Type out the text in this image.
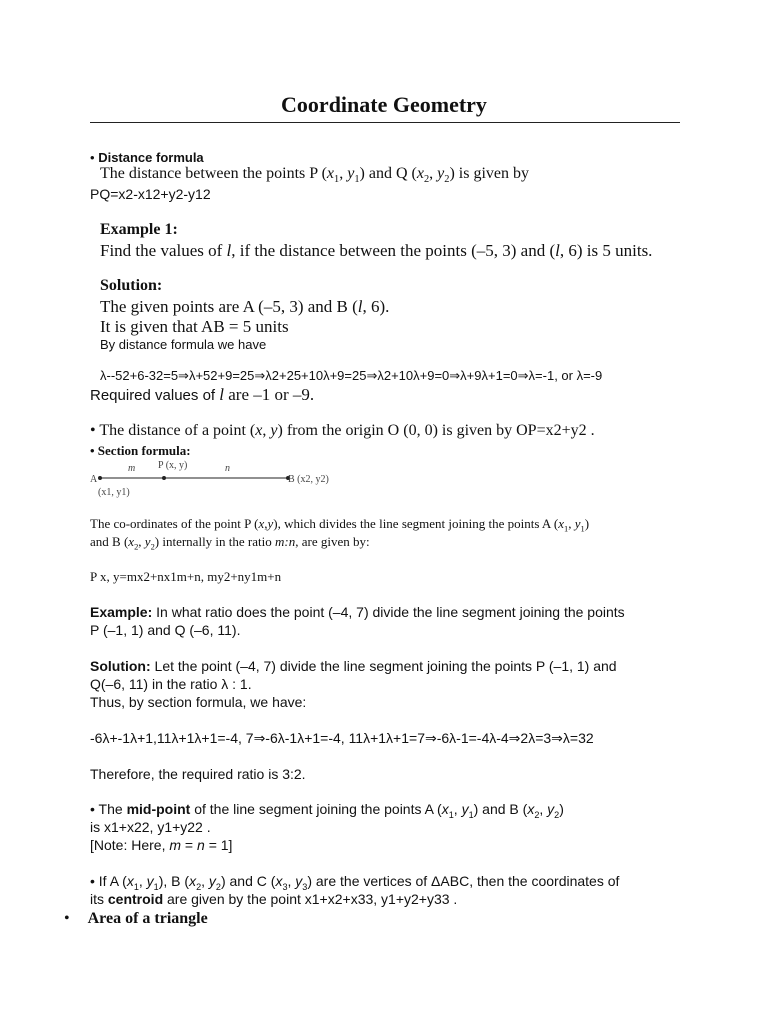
Coordinate Geometry
• Distance formula
The distance between the points P ($x_1$, $y_1$) and Q ($x_2$, $y_2$) is given by
PQ=x2-x12+y2-y12
Example 1:
Find the values of l, if the distance between the points (–5, 3) and (l, 6) is 5 units.
Solution:
The given points are A (–5, 3) and B (l, 6).
It is given that AB = 5 units
By distance formula we have
λ--52+6-32=5⇒λ+52+9=25⇒λ2+25+10λ+9=25⇒λ2+10λ+9=0⇒λ+9λ+1=0⇒λ=-1, or λ=-9
Required values of l are –1 or –9.
• The distance of a point (x, y) from the origin O (0, 0) is given by OP=x2+y2 .
• Section formula:
A
(x1, y1)
P (x, y)
m	n
B (x2, y2)
The co-ordinates of the point P (x,y), which divides the line segment joining the points A ($x_1$, $y_1$)
and B ($x_2$, $y_2$) internally in the ratio m:n, are given by:
P x, y=mx2+nx1m+n, my2+ny1m+n
Example: In what ratio does the point (–4, 7) divide the line segment joining the points
P (–1, 1) and Q (–6, 11).
Solution: Let the point (–4, 7) divide the line segment joining the points P (–1, 1) and
Q(–6, 11) in the ratio λ : 1.
Thus, by section formula, we have:
-6λ+-1λ+1,11λ+1λ+1=-4, 7⇒-6λ-1λ+1=-4, 11λ+1λ+1=7⇒-6λ-1=-4λ-4⇒2λ=3⇒λ=32
Therefore, the required ratio is 3:2.
• The mid-point of the line segment joining the points A ($x_1$, $y_1$) and B ($x_2$, $y_2$)
is x1+x22, y1+y22 .
[Note: Here, m = n = 1]
• If A ($x_1$, $y_1$), B ($x_2$, $y_2$) and C ($x_3$, $y_3$) are the vertices of ΔABC, then the coordinates of
its centroid are given by the point x1+x2+x33, y1+y2+y33 .
• Area of a triangle
